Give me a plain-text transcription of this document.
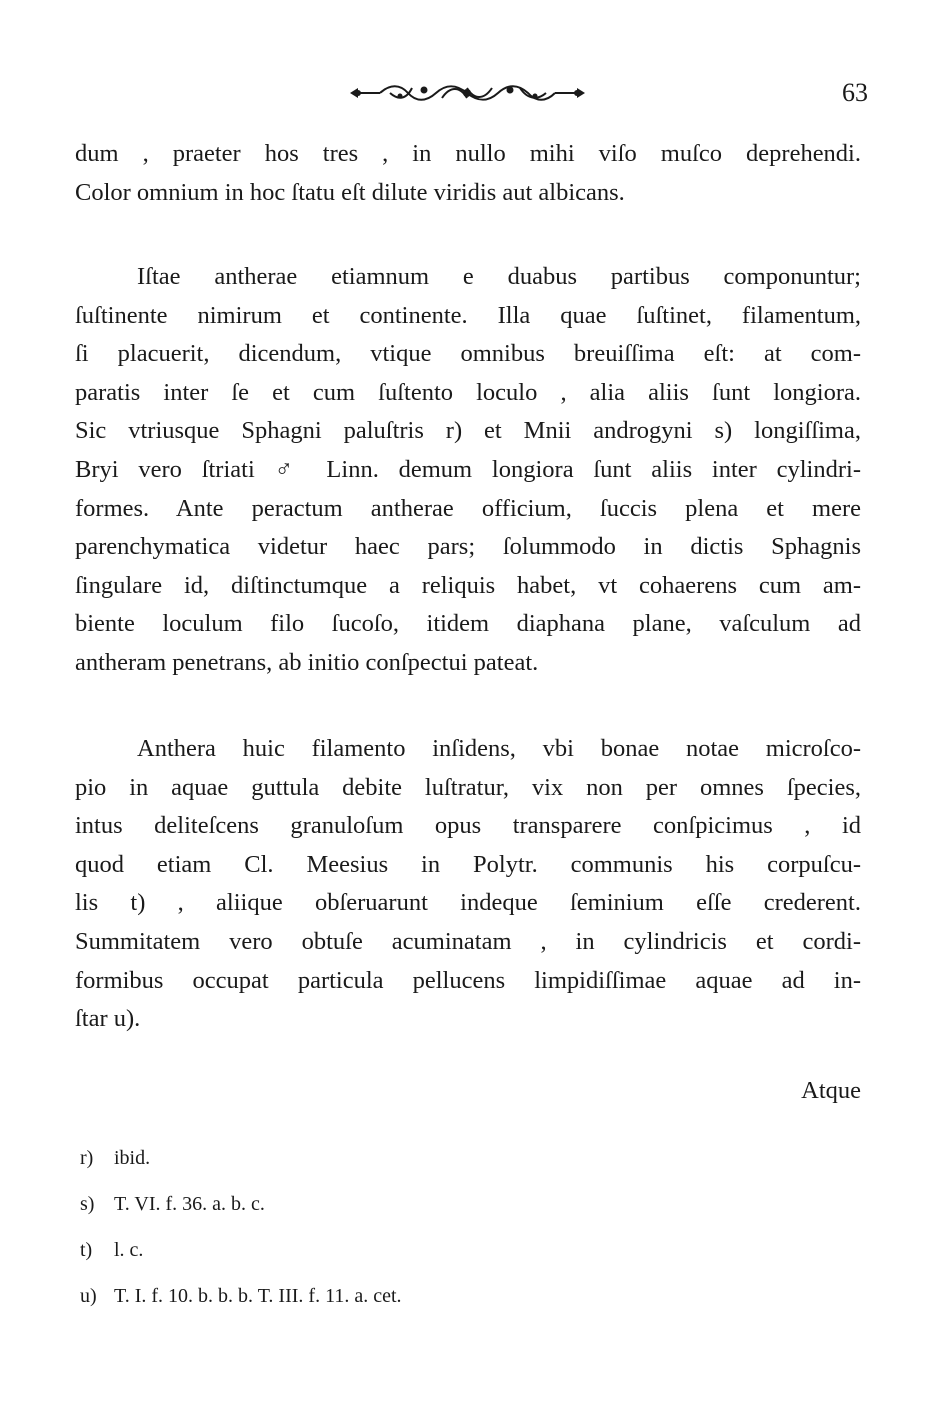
63
dum , praeter hos tres , in nullo mihi viſo muſco deprehendi.
Color omnium in hoc ſtatu eſt dilute viridis aut albicans.
Iſtae antherae etiamnum e duabus partibus componuntur;
ſuſtinente nimirum et continente. Illa quae ſuſtinet, filamentum,
ſi placuerit, dicendum, vtique omnibus breuiſſima eſt: at com-
paratis inter ſe et cum ſuſtento loculo , alia aliis ſunt longiora.
Sic vtriusque Sphagni paluſtris r) et Mnii androgyni s) longiſſima,
Bryi vero ſtriati ♂ Linn. demum longiora ſunt aliis inter cylindri-
formes. Ante peractum antherae officium, ſuccis plena et mere
parenchymatica videtur haec pars; ſolummodo in dictis Sphagnis
ſingulare id, diſtinctumque a reliquis habet, vt cohaerens cum am-
biente loculum filo ſucoſo, itidem diaphana plane, vaſculum ad
antheram penetrans, ab initio conſpectui pateat.
Anthera huic filamento inſidens, vbi bonae notae microſco-
pio in aquae guttula debite luſtratur, vix non per omnes ſpecies,
intus deliteſcens granuloſum opus transparere conſpicimus , id
quod etiam Cl. Meesius in Polytr. communis his corpuſcu-
lis t) , aliique obſeruarunt indeque ſeminium eſſe crederent.
Summitatem vero obtuſe acuminatam , in cylindricis et cordi-
formibus occupat particula pellucens limpidiſſimae aquae ad in-
ſtar u).
Atque
r) ibid.
s) T. VI. f. 36. a. b. c.
t) l. c.
u) T. I. f. 10. b. b. b. T. III. f. 11. a. cet.
